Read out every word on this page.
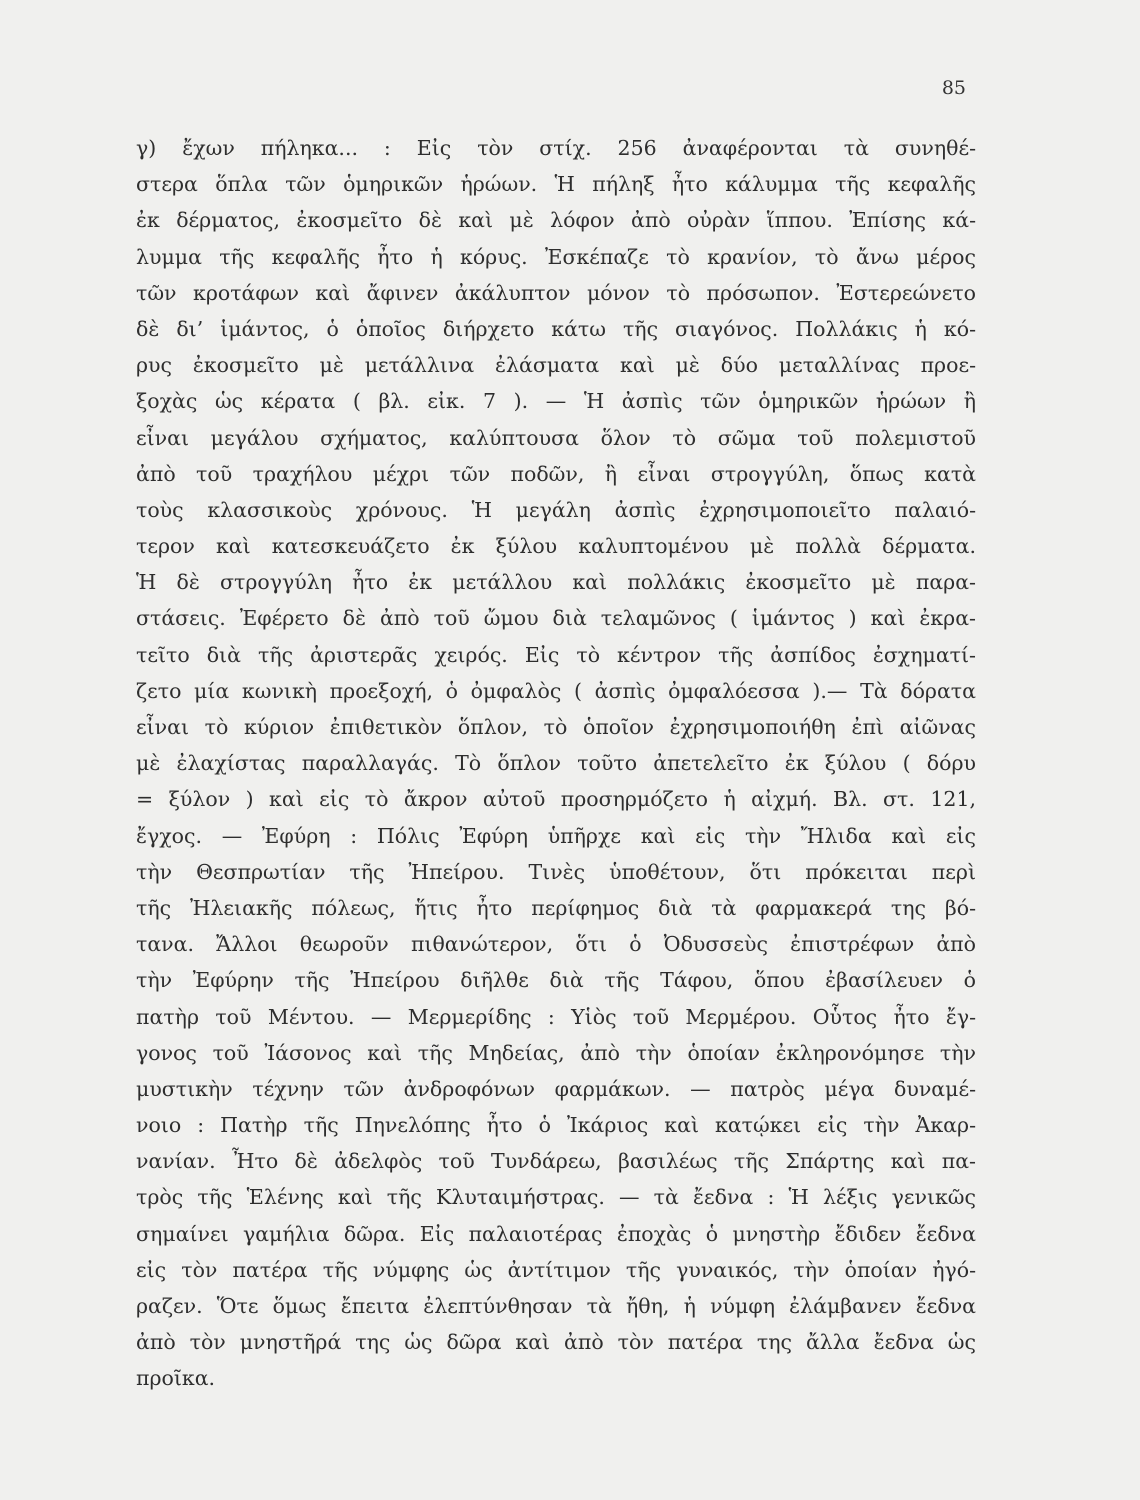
85
γ) ἔχων πήληκα... : Εἰς τὸν στίχ. 256 ἀναφέρονται τὰ συνηθέ-
στερα ὅπλα τῶν ὁμηρικῶν ἡρώων. Ἡ πήληξ ἦτο κάλυμμα τῆς κεφαλῆς
ἐκ δέρματος, ἐκοσμεῖτο δὲ καὶ μὲ λόφον ἀπὸ οὐρὰν ἵππου. Ἐπίσης κά-
λυμμα τῆς κεφαλῆς ἦτο ἡ κόρυς. Ἐσκέπαζε τὸ κρανίον, τὸ ἄνω μέρος
τῶν κροτάφων καὶ ἄφινεν ἀκάλυπτον μόνον τὸ πρόσωπον. Ἐστερεώνετο
δὲ δι’ ἱμάντος, ὁ ὁποῖος διήρχετο κάτω τῆς σιαγόνος. Πολλάκις ἡ κό-
ρυς ἐκοσμεῖτο μὲ μετάλλινα ἐλάσματα καὶ μὲ δύο μεταλλίνας προε-
ξοχὰς ὡς κέρατα ( βλ. εἰκ. 7 ). — Ἡ ἀσπὶς τῶν ὁμηρικῶν ἡρώων ἢ
εἶναι μεγάλου σχήματος, καλύπτουσα ὅλον τὸ σῶμα τοῦ πολεμιστοῦ
ἀπὸ τοῦ τραχήλου μέχρι τῶν ποδῶν, ἢ εἶναι στρογγύλη, ὅπως κατὰ
τοὺς κλασσικοὺς χρόνους. Ἡ μεγάλη ἀσπὶς ἐχρησιμοποιεῖτο παλαιό-
τερον καὶ κατεσκευάζετο ἐκ ξύλου καλυπτομένου μὲ πολλὰ δέρματα.
Ἡ δὲ στρογγύλη ἦτο ἐκ μετάλλου καὶ πολλάκις ἐκοσμεῖτο μὲ παρα-
στάσεις. Ἐφέρετο δὲ ἀπὸ τοῦ ὤμου διὰ τελαμῶνος ( ἱμάντος ) καὶ ἐκρα-
τεῖτο διὰ τῆς ἀριστερᾶς χειρός. Εἰς τὸ κέντρον τῆς ἀσπίδος ἐσχηματί-
ζετο μία κωνικὴ προεξοχή, ὁ ὀμφαλὸς ( ἀσπὶς ὀμφαλόεσσα ).— Τὰ δόρατα
εἶναι τὸ κύριον ἐπιθετικὸν ὅπλον, τὸ ὁποῖον ἐχρησιμοποιήθη ἐπὶ αἰῶνας
μὲ ἐλαχίστας παραλλαγάς. Τὸ ὅπλον τοῦτο ἀπετελεῖτο ἐκ ξύλου ( δόρυ
= ξύλον ) καὶ εἰς τὸ ἄκρον αὐτοῦ προσηρμόζετο ἡ αἰχμή. Βλ. στ. 121,
ἔγχος. — Ἐφύρη : Πόλις Ἐφύρη ὑπῆρχε καὶ εἰς τὴν Ἤλιδα καὶ εἰς
τὴν Θεσπρωτίαν τῆς Ἠπείρου. Τινὲς ὑποθέτουν, ὅτι πρόκειται περὶ
τῆς Ἠλειακῆς πόλεως, ἥτις ἦτο περίφημος διὰ τὰ φαρμακερά της βό-
τανα. Ἄλλοι θεωροῦν πιθανώτερον, ὅτι ὁ Ὀδυσσεὺς ἐπιστρέφων ἀπὸ
τὴν Ἐφύρην τῆς Ἠπείρου διῆλθε διὰ τῆς Τάφου, ὅπου ἐβασίλευεν ὁ
πατὴρ τοῦ Μέντου. — Μερμερίδης : Υἱὸς τοῦ Μερμέρου. Οὗτος ἦτο ἔγ-
γονος τοῦ Ἰάσονος καὶ τῆς Μηδείας, ἀπὸ τὴν ὁποίαν ἐκληρονόμησε τὴν
μυστικὴν τέχνην τῶν ἀνδροφόνων φαρμάκων. — πατρὸς μέγα δυναμέ-
νοιο : Πατὴρ τῆς Πηνελόπης ἦτο ὁ Ἰκάριος καὶ κατῴκει εἰς τὴν Ἀκαρ-
νανίαν. Ἦτο δὲ ἀδελφὸς τοῦ Τυνδάρεω, βασιλέως τῆς Σπάρτης καὶ πα-
τρὸς τῆς Ἑλένης καὶ τῆς Κλυταιμήστρας. — τὰ ἔεδνα : Ἡ λέξις γενικῶς
σημαίνει γαμήλια δῶρα. Εἰς παλαιοτέρας ἐποχὰς ὁ μνηστὴρ ἔδιδεν ἔεδνα
εἰς τὸν πατέρα τῆς νύμφης ὡς ἀντίτιμον τῆς γυναικός, τὴν ὁποίαν ἠγό-
ραζεν. Ὅτε ὅμως ἔπειτα ἐλεπτύνθησαν τὰ ἤθη, ἡ νύμφη ἐλάμβανεν ἔεδνα
ἀπὸ τὸν μνηστῆρά της ὡς δῶρα καὶ ἀπὸ τὸν πατέρα της ἄλλα ἔεδνα ὡς
προῖκα.
